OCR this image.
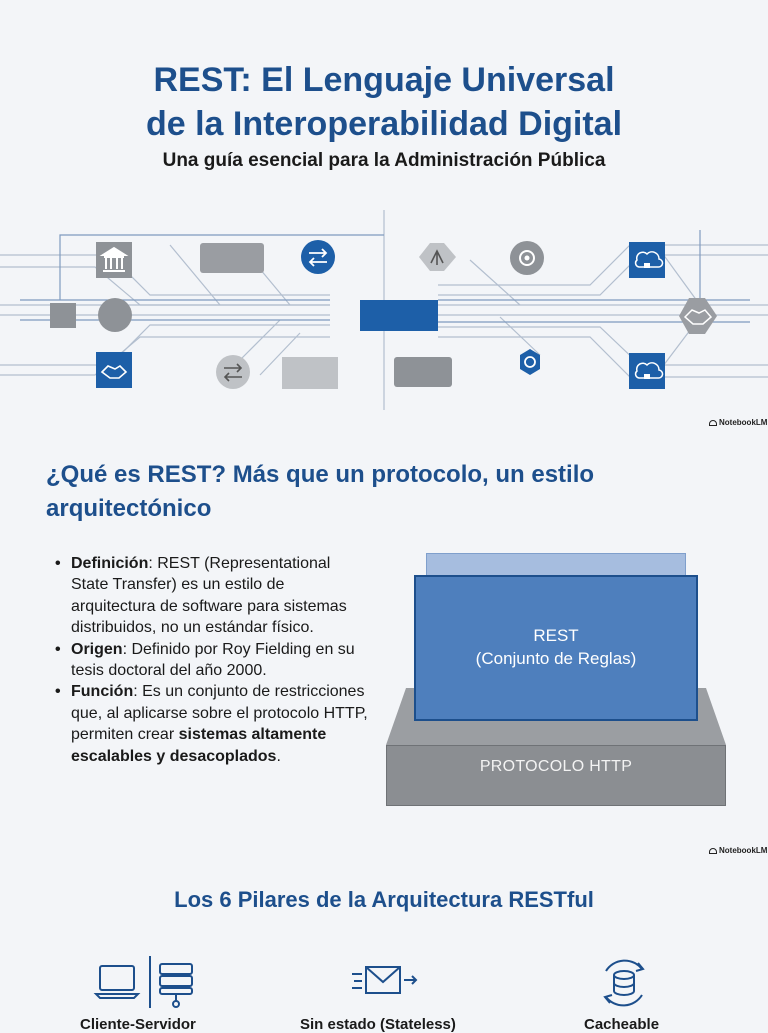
REST: El Lenguaje Universal
de la Interoperabilidad Digital
Una guía esencial para la Administración Pública
NotebookLM
¿Qué es REST? Más que un protocolo, un estilo
arquitectónico
• Definición: REST (Representational State Transfer) es un estilo de arquitectura de software para sistemas distribuidos, no un estándar físico.
• Origen: Definido por Roy Fielding en su tesis doctoral del año 2000.
• Función: Es un conjunto de restricciones que, al aplicarse sobre el protocolo HTTP, permiten crear sistemas altamente escalables y desacoplados.
PROTOCOLO HTTP
REST
(Conjunto de Reglas)
NotebookLM
Los 6 Pilares de la Arquitectura RESTful
Cliente-Servidor	Sin estado (Stateless)	Cacheable
